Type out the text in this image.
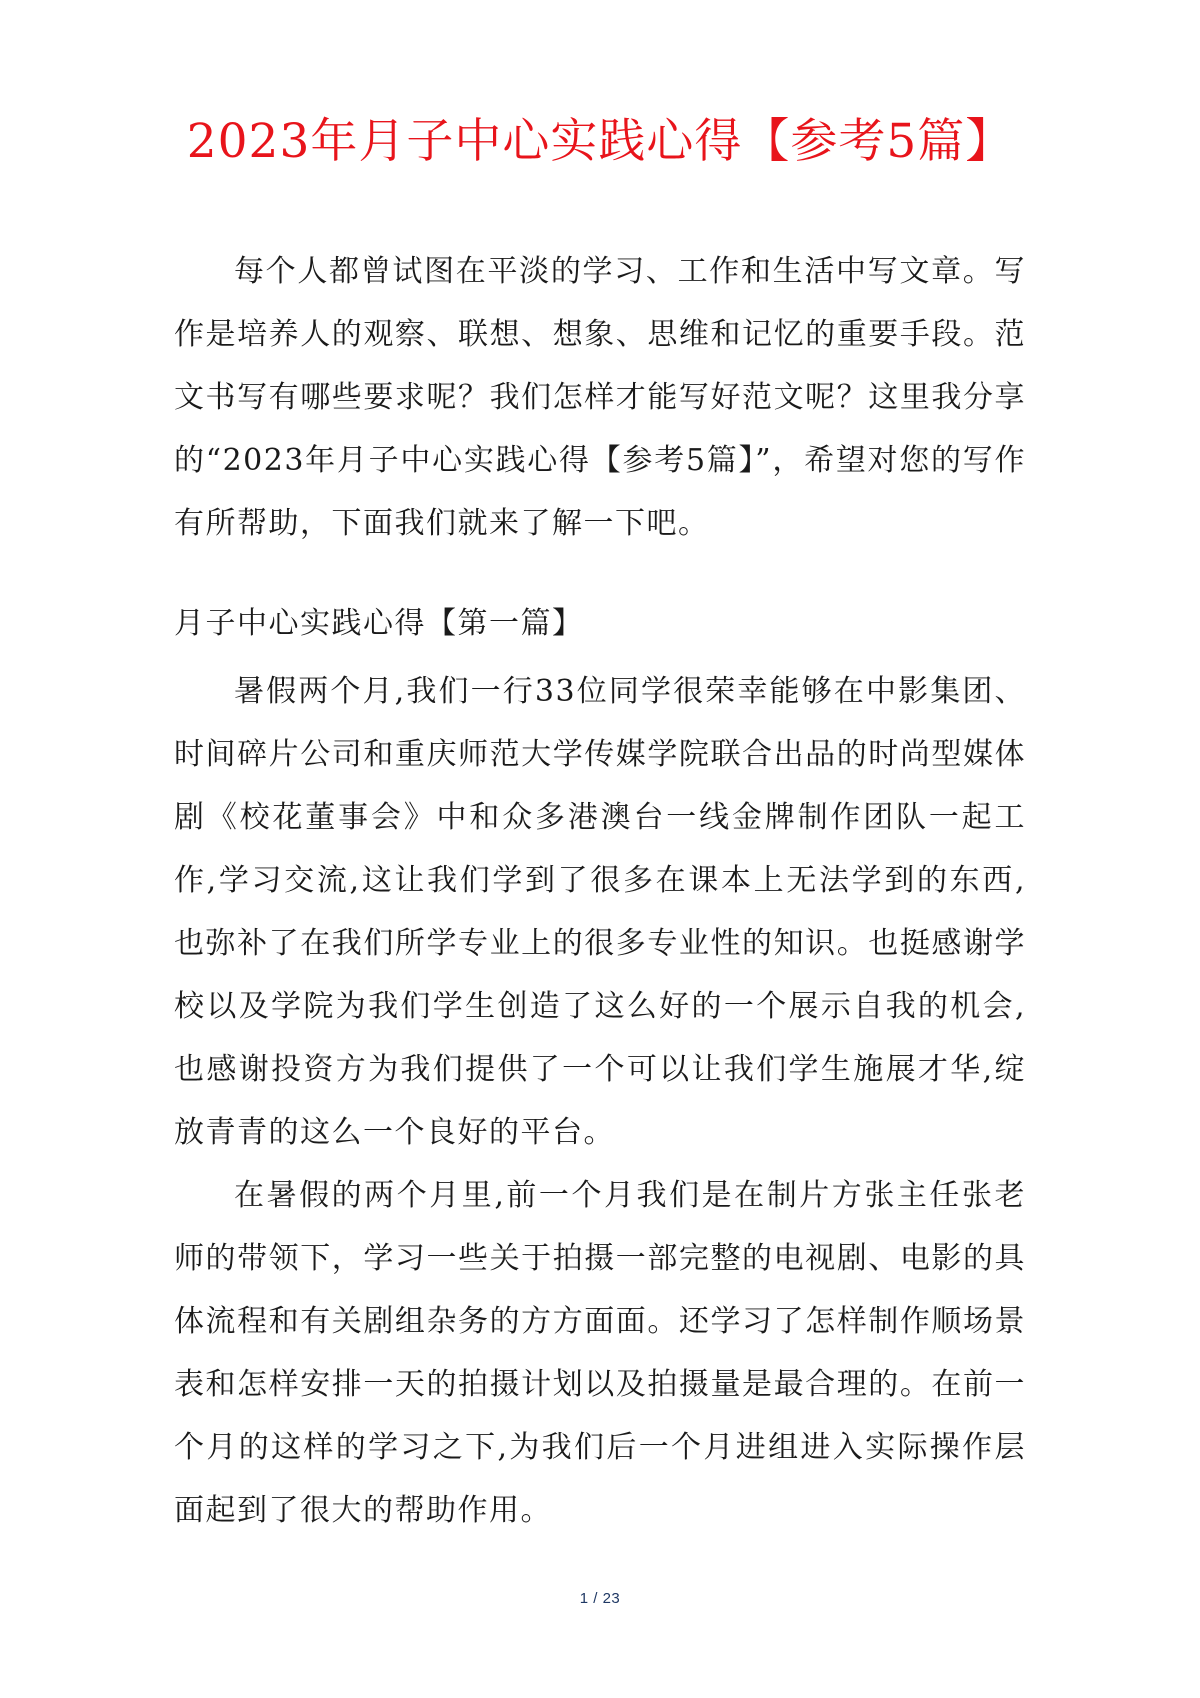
2023年月子中心实践心得【参考5篇】

每个人都曾试图在平淡的学习、工作和生活中写文章。写作是培养人的观察、联想、想象、思维和记忆的重要手段。范文书写有哪些要求呢？我们怎样才能写好范文呢？这里我分享的“2023年月子中心实践心得【参考5篇】”，希望对您的写作有所帮助，下面我们就来了解一下吧。

月子中心实践心得【第一篇】

暑假两个月,我们一行33位同学很荣幸能够在中影集团、时间碎片公司和重庆师范大学传媒学院联合出品的时尚型媒体剧《校花董事会》中和众多港澳台一线金牌制作团队一起工作,学习交流,这让我们学到了很多在课本上无法学到的东西,也弥补了在我们所学专业上的很多专业性的知识。也挺感谢学校以及学院为我们学生创造了这么好的一个展示自我的机会,也感谢投资方为我们提供了一个可以让我们学生施展才华,绽放青青的这么一个良好的平台。

在暑假的两个月里,前一个月我们是在制片方张主任张老师的带领下，学习一些关于拍摄一部完整的电视剧、电影的具体流程和有关剧组杂务的方方面面。还学习了怎样制作顺场景表和怎样安排一天的拍摄计划以及拍摄量是最合理的。在前一个月的这样的学习之下,为我们后一个月进组进入实际操作层面起到了很大的帮助作用。

1 / 23
